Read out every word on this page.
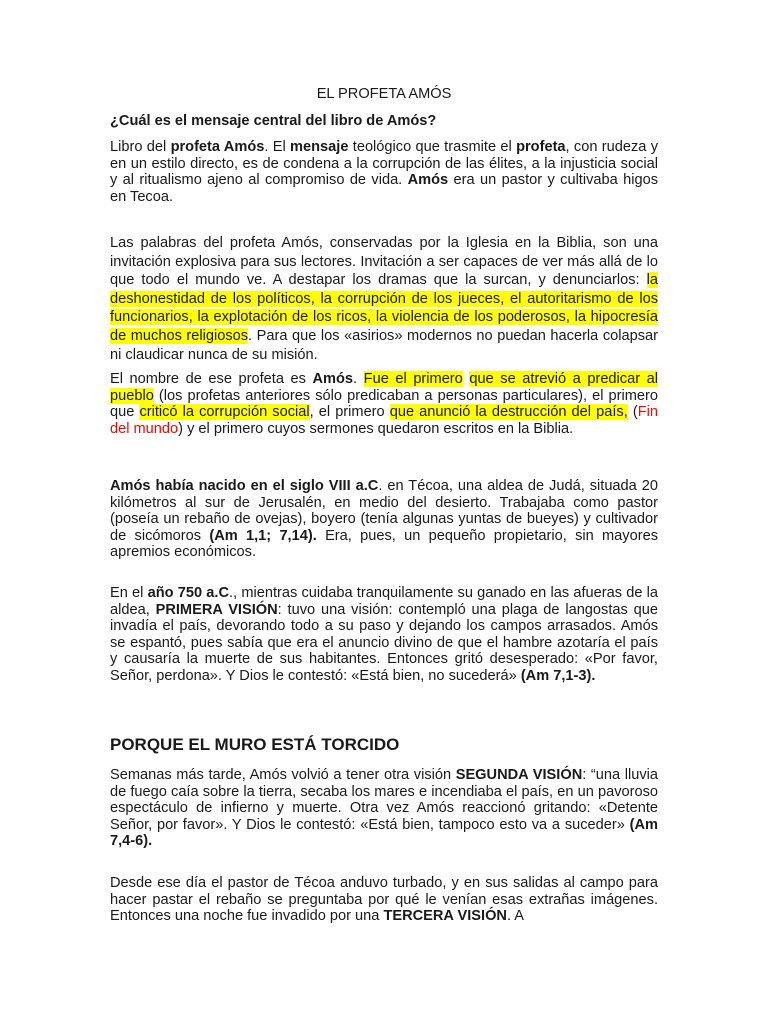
EL PROFETA AMÓS
¿Cuál es el mensaje central del libro de Amós?
Libro del profeta Amós. El mensaje teológico que trasmite el profeta, con rudeza y en un estilo directo, es de condena a la corrupción de las élites, a la injusticia social y al ritualismo ajeno al compromiso de vida. Amós era un pastor y cultivaba higos en Tecoa.
Las palabras del profeta Amós, conservadas por la Iglesia en la Biblia, son una invitación explosiva para sus lectores. Invitación a ser capaces de ver más allá de lo que todo el mundo ve. A destapar los dramas que la surcan, y denunciarlos: la deshonestidad de los políticos, la corrupción de los jueces, el autoritarismo de los funcionarios, la explotación de los ricos, la violencia de los poderosos, la hipocresía de muchos religiosos. Para que los «asirios» modernos no puedan hacerla colapsar ni claudicar nunca de su misión.
El nombre de ese profeta es Amós. Fue el primero que se atrevió a predicar al pueblo (los profetas anteriores sólo predicaban a personas particulares), el primero que criticó la corrupción social, el primero que anunció la destrucción del país, (Fin del mundo) y el primero cuyos sermones quedaron escritos en la Biblia.
Amós había nacido en el siglo VIII a.C. en Técoa, una aldea de Judá, situada 20 kilómetros al sur de Jerusalén, en medio del desierto. Trabajaba como pastor (poseía un rebaño de ovejas), boyero (tenía algunas yuntas de bueyes) y cultivador de sicómoros (Am 1,1; 7,14). Era, pues, un pequeño propietario, sin mayores apremios económicos.
En el año 750 a.C., mientras cuidaba tranquilamente su ganado en las afueras de la aldea, PRIMERA VISIÓN: tuvo una visión: contempló una plaga de langostas que invadía el país, devorando todo a su paso y dejando los campos arrasados. Amós se espantó, pues sabía que era el anuncio divino de que el hambre azotaría el país y causaría la muerte de sus habitantes. Entonces gritó desesperado: «Por favor, Señor, perdona». Y Dios le contestó: «Está bien, no sucederá» (Am 7,1-3).
PORQUE EL MURO ESTÁ TORCIDO
Semanas más tarde, Amós volvió a tener otra visión SEGUNDA VISIÓN: “una lluvia de fuego caía sobre la tierra, secaba los mares e incendiaba el país, en un pavoroso espectáculo de infierno y muerte. Otra vez Amós reaccionó gritando: «Detente Señor, por favor». Y Dios le contestó: «Está bien, tampoco esto va a suceder» (Am 7,4-6).
Desde ese día el pastor de Técoa anduvo turbado, y en sus salidas al campo para hacer pastar el rebaño se preguntaba por qué le venían esas extrañas imágenes. Entonces una noche fue invadido por una TERCERA VISIÓN. A
